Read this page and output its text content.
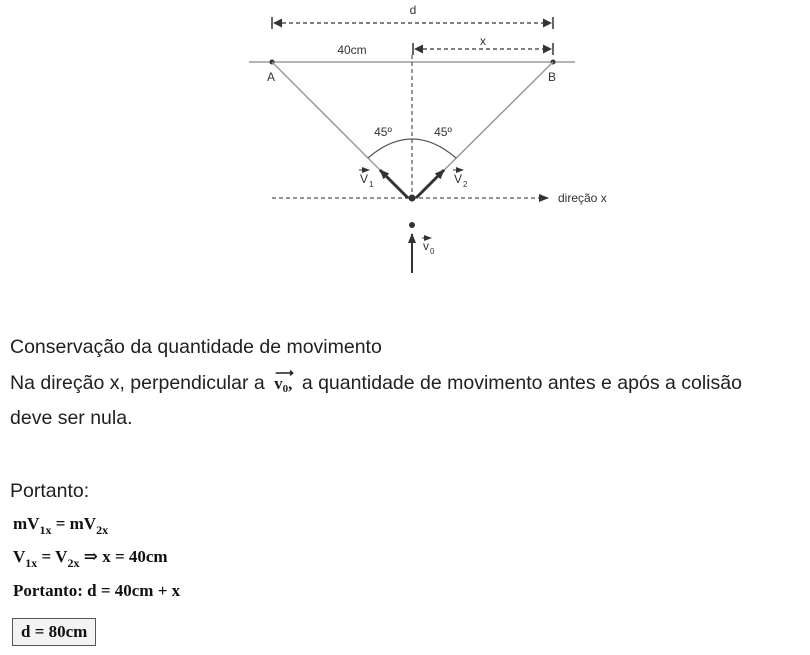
d
x
40cm
A	B
45º	45º
direção x
V 1	V 2
v 0
Conservação da quantidade de movimento
Na direção x, perpendicular a ⟶
$v_0$, a quantidade de movimento antes e após a colisão
deve ser nula.
Portanto:
$mV_{1x} = mV_{2x}$
$V_{1x} = V_{2x}$ ⇒ x = 40cm
Portanto: d = 40cm + x
d = 80cm
